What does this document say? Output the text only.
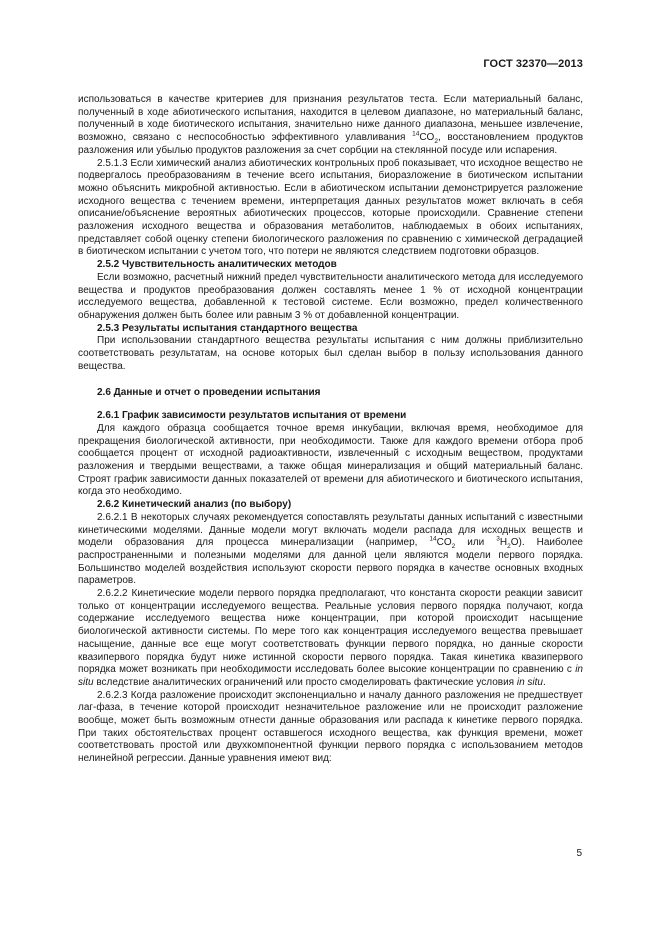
ГОСТ 32370—2013

использоваться в качестве критериев для признания результатов теста. Если материальный баланс, полученный в ходе абиотического испытания, находится в целевом диапазоне, но материальный баланс, полученный в ходе биотического испытания, значительно ниже данного диапазона, меньшее извлечение, возможно, связано с неспособностью эффективного улавливания $^{14}CO_2$, восстановлением продуктов разложения или убылью продуктов разложения за счет сорбции на стеклянной посуде или испарения.

2.5.1.3 Если химический анализ абиотических контрольных проб показывает, что исходное вещество не подвергалось преобразованиям в течение всего испытания, биоразложение в биотическом испытании можно объяснить микробной активностью. Если в абиотическом испытании демонстрируется разложение исходного вещества с течением времени, интерпретация данных результатов может включать в себя описание/объяснение вероятных абиотических процессов, которые происходили. Сравнение степени разложения исходного вещества и образования метаболитов, наблюдаемых в обоих испытаниях, представляет собой оценку степени биологического разложения по сравнению с химической деградацией в биотическом испытании с учетом того, что потери не являются следствием подготовки образцов.

2.5.2 Чувствительность аналитических методов

Если возможно, расчетный нижний предел чувствительности аналитического метода для исследуемого вещества и продуктов преобразования должен составлять менее 1 % от исходной концентрации исследуемого вещества, добавленной к тестовой системе. Если возможно, предел количественного обнаружения должен быть более или равным 3 % от добавленной концентрации.

2.5.3 Результаты испытания стандартного вещества

При использовании стандартного вещества результаты испытания с ним должны приблизительно соответствовать результатам, на основе которых был сделан выбор в пользу использования данного вещества.

2.6 Данные и отчет о проведении испытания

2.6.1 График зависимости результатов испытания от времени

Для каждого образца сообщается точное время инкубации, включая время, необходимое для прекращения биологической активности, при необходимости. Также для каждого времени отбора проб сообщается процент от исходной радиоактивности, извлеченный с исходным веществом, продуктами разложения и твердыми веществами, а также общая минерализация и общий материальный баланс. Строят график зависимости данных показателей от времени для абиотического и биотического испытания, когда это необходимо.

2.6.2 Кинетический анализ (по выбору)

2.6.2.1 В некоторых случаях рекомендуется сопоставлять результаты данных испытаний с известными кинетическими моделями. Данные модели могут включать модели распада для исходных веществ и модели образования для процесса минерализации (например, $^{14}CO_2$ или $^3H_2O$). Наиболее распространенными и полезными моделями для данной цели являются модели первого порядка. Большинство моделей воздействия используют скорости первого порядка в качестве основных входных параметров.

2.6.2.2 Кинетические модели первого порядка предполагают, что константа скорости реакции зависит только от концентрации исследуемого вещества. Реальные условия первого порядка получают, когда содержание исследуемого вещества ниже концентрации, при которой происходит насыщение биологической активности системы. По мере того как концентрация исследуемого вещества превышает насыщение, данные все еще могут соответствовать функции первого порядка, но данные скорости квазипервого порядка будут ниже истинной скорости первого порядка. Такая кинетика квазипервого порядка может возникать при необходимости исследовать более высокие концентрации по сравнению с in situ вследствие аналитических ограничений или просто смоделировать фактические условия in situ.

2.6.2.3 Когда разложение происходит экспоненциально и началу данного разложения не предшествует лаг-фаза, в течение которой происходит незначительное разложение или не происходит разложение вообще, может быть возможным отнести данные образования или распада к кинетике первого порядка. При таких обстоятельствах процент оставшегося исходного вещества, как функция времени, может соответствовать простой или двухкомпонентной функции первого порядка с использованием методов нелинейной регрессии. Данные уравнения имеют вид:

5
